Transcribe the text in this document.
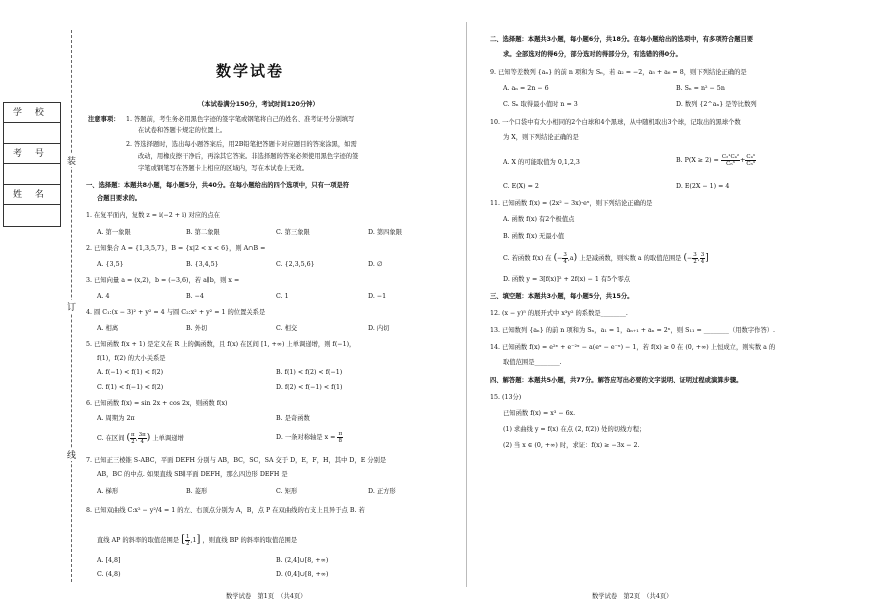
学 校
考 号
姓 名
装
订
线
数学试卷
（本试卷满分150分，考试时间120分钟）
注意事项： 1. 答题前，考生务必用黑色字迹的签字笔或钢笔将自己的姓名、准考证号分别填写
在试卷和答题卡规定的位置上。
2. 答选择题时，选出每小题答案后，用2B铅笔把答题卡对应题目的答案涂黑，如需
改动，用橡皮擦干净后，再涂其它答案。非选择题的答案必须使用黑色字迹的签
字笔或钢笔写在答题卡上相应的区域内，写在本试卷上无效。
一、选择题：本题共8小题，每小题5分，共40分。在每小题给出的四个选项中，只有一项是符
合题目要求的。
1. 在复平面内，复数 z = i(−2 + i) 对应的点在
A. 第一象限	B. 第二象限	C. 第三象限	D. 第四象限
2. 已知集合 A = {1,3,5,7}，B = {x|2 < x < 6}，则 A∩B =
A. {3,5}	B. {3,4,5}	C. {2,3,5,6}	D. ∅
3. 已知向量 a = (x,2)，b = (−3,6)，若 a∥b，则 x =
A. 4	B. −4	C. 1	D. −1
4. 圆 C₁:(x − 3)² + y² = 4 与圆 C₂:x² + y² = 1 的位置关系是
A. 相离	B. 外切	C. 相交	D. 内切
5. 已知函数 f(x + 1) 是定义在 R 上的偶函数，且 f(x) 在区间 [1, +∞) 上单调递增，则 f(−1)，
f(1)，f(2) 的大小关系是
A. f(−1) < f(1) < f(2)	B. f(1) < f(2) < f(−1)
C. f(1) < f(−1) < f(2)	D. f(2) < f(−1) < f(1)
6. 已知函数 f(x) = sin 2x + cos 2x，则函数 f(x)
A. 周期为 2π	B. 是奇函数
C. 在区间 ( $\frac{\pi}{2}$ , $\frac{3\pi}{4}$ ) 上单调递增	D. 一条对称轴是 $x = \frac{\pi}{8}$
7. 已知正三棱锥 S-ABC，平面 DEFH 分别与 AB，BC，SC，SA 交于 D，E，F，H，其中 D，E 分别是
AB，BC 的中点. 如果直线 SB∥平面 DEFH，那么四边形 DEFH 是
A. 梯形	B. 菱形	C. 矩形	D. 正方形
8. 已知双曲线 C:x² − y²/4 = 1 的左、右顶点分别为 A，B，点 P 在双曲线的右支上且异于点 B. 若
直线 AP 的斜率的取值范围是 [ $\frac{1}{2} ,1$] ，则直线 BP 的斜率的取值范围是
A. [4,8]	B. (2,4]∪[8, +∞)
C. (4,8)	D. (0,4]∪[8, +∞)
数学试卷　第1页　（共4页）
二、选择题：本题共3小题，每小题6分，共18分。在每小题给出的选项中，有多项符合题目要
求。全部选对的得6分，部分选对的得部分分，有选错的得0分。
9. 已知等差数列 {aₙ} 的前 n 项和为 Sₙ，若 a₂ = −2，a₅ + a₆ = 8，则下列结论正确的是
A. aₙ = 2n − 6	B. Sₙ = n² − 5n
C. Sₙ 取得最小值时 n = 3	D. 数列 {2^aₙ} 是等比数列
10. 一个口袋中有大小相同的2个白球和4个黑球，从中随机取出3个球，记取出的黑球个数
为 X，则下列结论正确的是
A. X 的可能取值为 0,1,2,3	B. $P(X \ge 2) = \frac{\text{C₂¹C₄²}}{\text{C₆³}} + \frac{\text{C₄³}}{\text{C₆³}}$
C. E(X) = 2	D. E(2X − 1) = 4
11. 已知函数 f(x) = (2x² − 3x)·eˣ，则下列结论正确的是
A. 函数 f(x) 有2个极值点
B. 函数 f(x) 无最小值
C. 若函数 f(x) 在 (− $\frac{3}{4} ,a$) 上是减函数，则实数 a 的取值范围是 (− $\frac{3}{2}$ , $\frac{3}{4}$ ]
D. 函数 y = 3[f(x)]² + 2f(x) − 1 有5个零点
三、填空题：本题共3小题，每小题5分，共15分。
12. (x − y)⁵ 的展开式中 x³y² 的系数是________.
13. 已知数列 {aₙ} 的前 n 项和为 Sₙ，a₁ = 1，aₙ₊₁ + aₙ = 2ⁿ，则 S₁₁ = ________（用数字作答）.
14. 已知函数 f(x) = e²ˣ + e⁻²ˣ − a(eˣ − e⁻ˣ) − 1，若 f(x) ≥ 0 在 (0, +∞) 上恒成立，则实数 a 的
取值范围是________.
四、解答题：本题共5小题，共77分。解答应写出必要的文字说明、证明过程或演算步骤。
15. (13分)
已知函数 f(x) = x³ − 6x.
(1) 求曲线 y = f(x) 在点 (2, f(2)) 处的切线方程；
(2) 当 x ∈ (0, +∞) 时，求证：f(x) ≥ −3x − 2.
数学试卷　第2页　（共4页）
